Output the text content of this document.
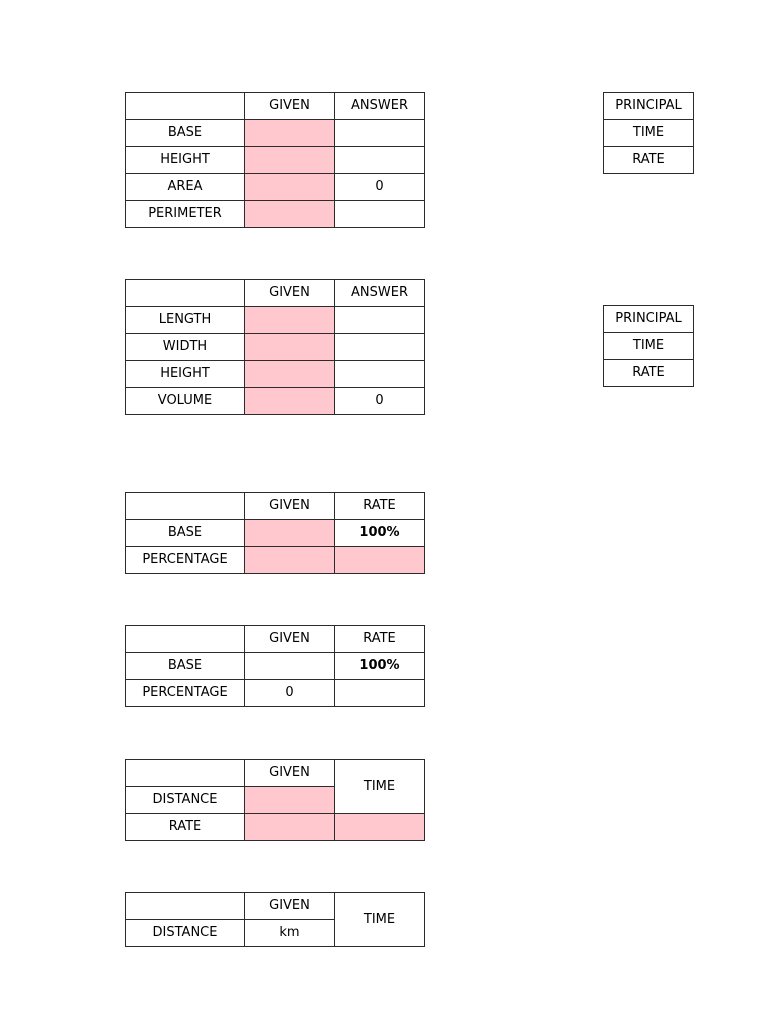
	GIVEN	ANSWER
BASE		
HEIGHT		
AREA		0
PERIMETER		
PRINCIPAL
TIME
RATE
	GIVEN	ANSWER
LENGTH		
WIDTH		
HEIGHT		
VOLUME		0
PRINCIPAL
TIME
RATE
	GIVEN	RATE
BASE		100%
PERCENTAGE		
	GIVEN	RATE
BASE		100%
PERCENTAGE	0	
	GIVEN	TIME
DISTANCE		
RATE		
	GIVEN	TIME
DISTANCE	km	
